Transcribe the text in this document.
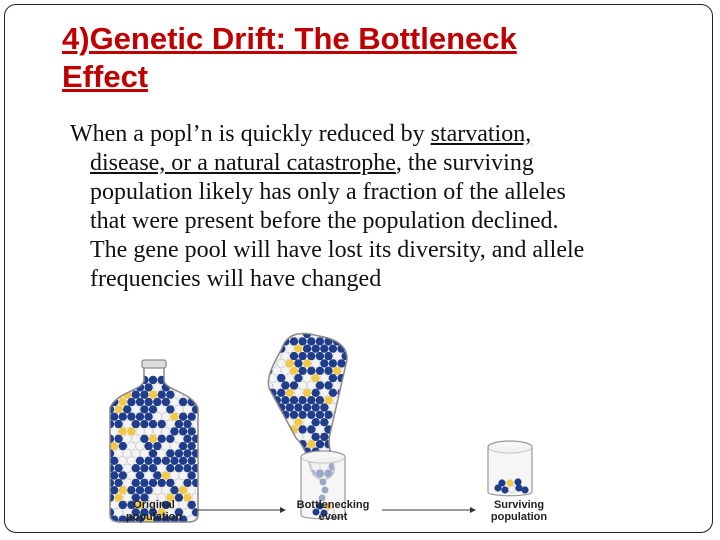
4)Genetic Drift: The Bottleneck
Effect
When a popl’n is quickly reduced by starvation,
disease, or a natural catastrophe, the surviving
population likely has only a fraction of the alleles
that were present before the population declined.
The gene pool will have lost its diversity, and allele
frequencies will have changed
Original
population
Bottlenecking
event
Surviving
population
